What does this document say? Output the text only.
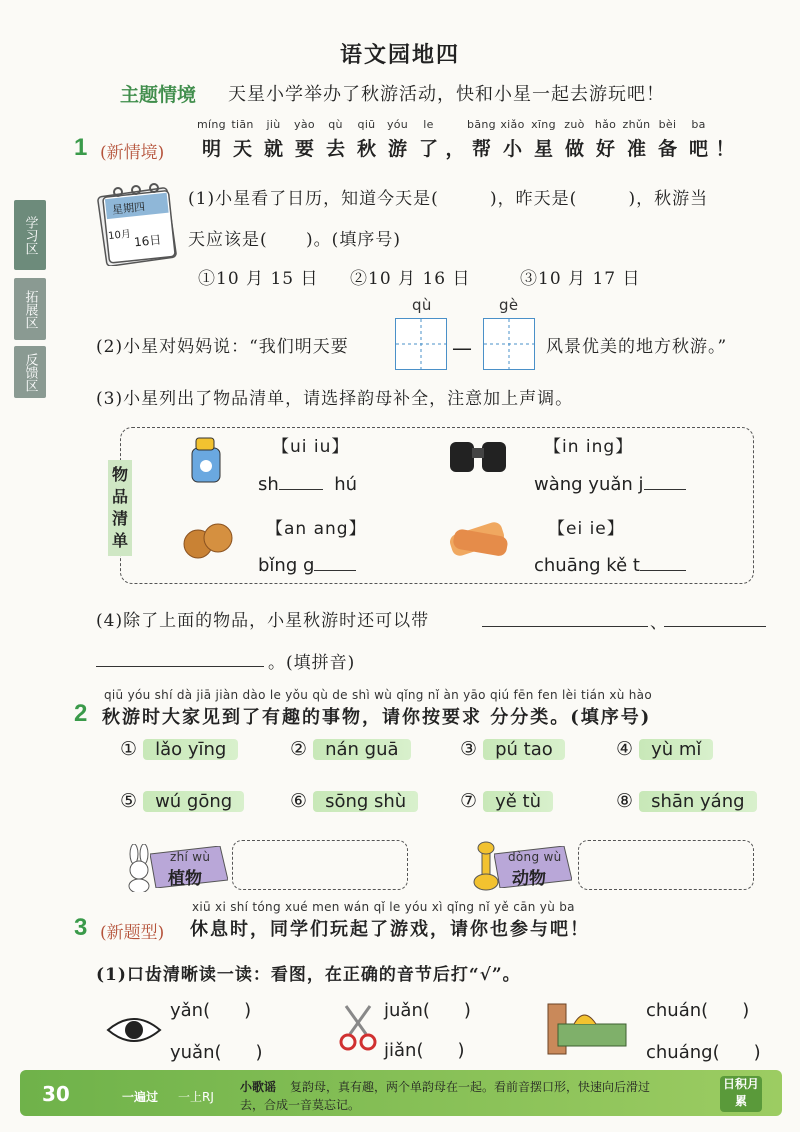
语文园地四
主题情境 天星小学举办了秋游活动，快和小星一起去游玩吧！
学习区
拓展区
反馈区
1 (新情境)
míng
明
tiān
天
jiù
就
yào
要
qù
去
qiū
秋
yóu
游
le
了 ，
bāng
帮
xiǎo
小
xīng
星
zuò
做
hǎo
好
zhǔn
准
bèi
备
ba
吧 ！
星期四
10月 16日
(1)小星看了日历，知道今天是(        )，昨天是(        )，秋游当
天应该是(      )。(填序号)
①10 月 15 日 ②10 月 16 日	③10 月 17 日
(2)小星对妈妈说：“我们明天要
qù
—
gè
风景优美的地方秋游。”
(3)小星列出了物品清单，请选择韵母补全，注意加上声调。
物品清单
【ui iu】
sh	hú
【in ing】
wàng yuǎn j
【an ang】
bǐng g
【ei ie】
chuāng kě t
(4)除了上面的物品，小星秋游时还可以带	、
。(填拼音)
2
qiū yóu shí dà jiā jiàn dào le yǒu qù de shì wù qǐng nǐ àn yāo qiú fēn fen lèi tián xù hào
秋游时大家见到了有趣的事物，请你按要求 分分类。(填序号)
① lǎo yīng	② nán guā	③ pú tao	④ yù mǐ
⑤ wú gōng	⑥ sōng shù	⑦ yě tù	⑧ shān yáng
zhí wù
植物
dòng wù
动物
3 (新题型)
xiū xi shí tóng xué men wán qǐ le yóu xì qǐng nǐ yě cān yù ba
休息时，同学们玩起了游戏，请你也参与吧！
(1)口齿清晰读一读：看图，在正确的音节后打“√”。
yǎn( )
yuǎn( )
juǎn( )
jiǎn( )
chuán( )
chuáng( )
30	一遍过 一上RJ
小歌谣 复韵母，真有趣，两个单韵母在一起。看前音摆口形，快速向后滑过
去，合成一音莫忘记。
日积月累
